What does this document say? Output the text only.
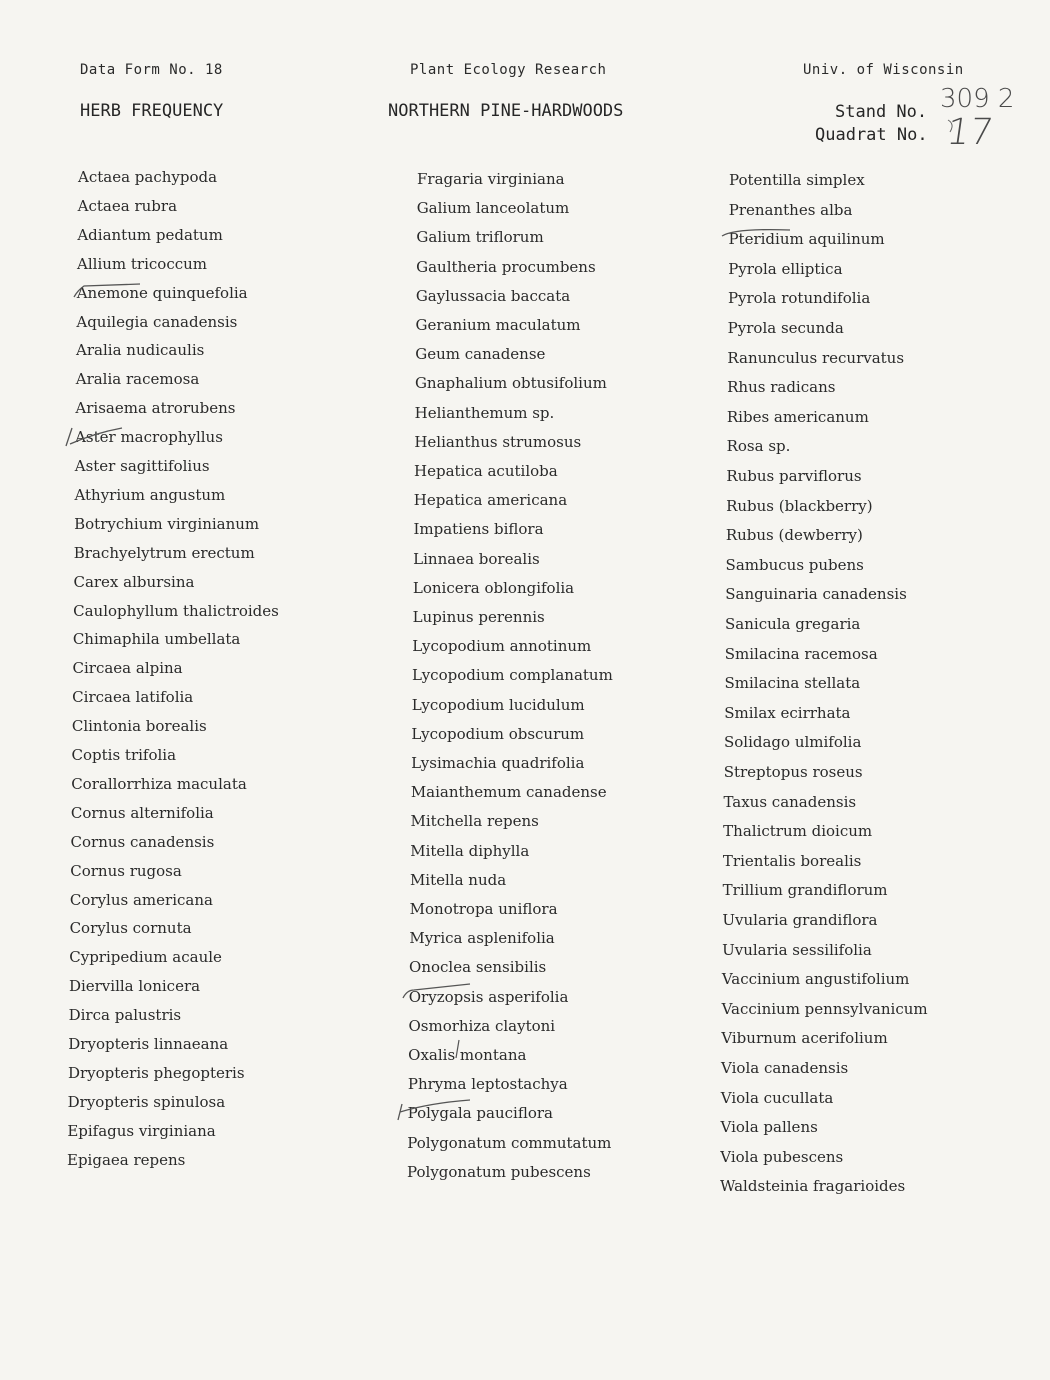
Data Form No. 18	Plant Ecology Research	Univ. of Wisconsin
HERB FREQUENCY	NORTHERN PINE-HARDWOODS	Stand No.
Quadrat No.
309 2
17
Actaea pachypoda
Actaea rubra
Adiantum pedatum
Allium tricoccum
Anemone quinquefolia
Aquilegia canadensis
Aralia nudicaulis
Aralia racemosa
Arisaema atrorubens
Aster macrophyllus
Aster sagittifolius
Athyrium angustum
Botrychium virginianum
Brachyelytrum erectum
Carex albursina
Caulophyllum thalictroides
Chimaphila umbellata
Circaea alpina
Circaea latifolia
Clintonia borealis
Coptis trifolia
Corallorrhiza maculata
Cornus alternifolia
Cornus canadensis
Cornus rugosa
Corylus americana
Corylus cornuta
Cypripedium acaule
Diervilla lonicera
Dirca palustris
Dryopteris linnaeana
Dryopteris phegopteris
Dryopteris spinulosa
Epifagus virginiana
Epigaea repens
Fragaria virginiana
Galium lanceolatum
Galium triflorum
Gaultheria procumbens
Gaylussacia baccata
Geranium maculatum
Geum canadense
Gnaphalium obtusifolium
Helianthemum sp.
Helianthus strumosus
Hepatica acutiloba
Hepatica americana
Impatiens biflora
Linnaea borealis
Lonicera oblongifolia
Lupinus perennis
Lycopodium annotinum
Lycopodium complanatum
Lycopodium lucidulum
Lycopodium obscurum
Lysimachia quadrifolia
Maianthemum canadense
Mitchella repens
Mitella diphylla
Mitella nuda
Monotropa uniflora
Myrica asplenifolia
Onoclea sensibilis
Oryzopsis asperifolia
Osmorhiza claytoni
Oxalis montana
Phryma leptostachya
Polygala pauciflora
Polygonatum commutatum
Polygonatum pubescens
Potentilla simplex
Prenanthes alba
Pteridium aquilinum
Pyrola elliptica
Pyrola rotundifolia
Pyrola secunda
Ranunculus recurvatus
Rhus radicans
Ribes americanum
Rosa sp.
Rubus parviflorus
Rubus (blackberry)
Rubus (dewberry)
Sambucus pubens
Sanguinaria canadensis
Sanicula gregaria
Smilacina racemosa
Smilacina stellata
Smilax ecirrhata
Solidago ulmifolia
Streptopus roseus
Taxus canadensis
Thalictrum dioicum
Trientalis borealis
Trillium grandiflorum
Uvularia grandiflora
Uvularia sessilifolia
Vaccinium angustifolium
Vaccinium pennsylvanicum
Viburnum acerifolium
Viola canadensis
Viola cucullata
Viola pallens
Viola pubescens
Waldsteinia fragarioides
